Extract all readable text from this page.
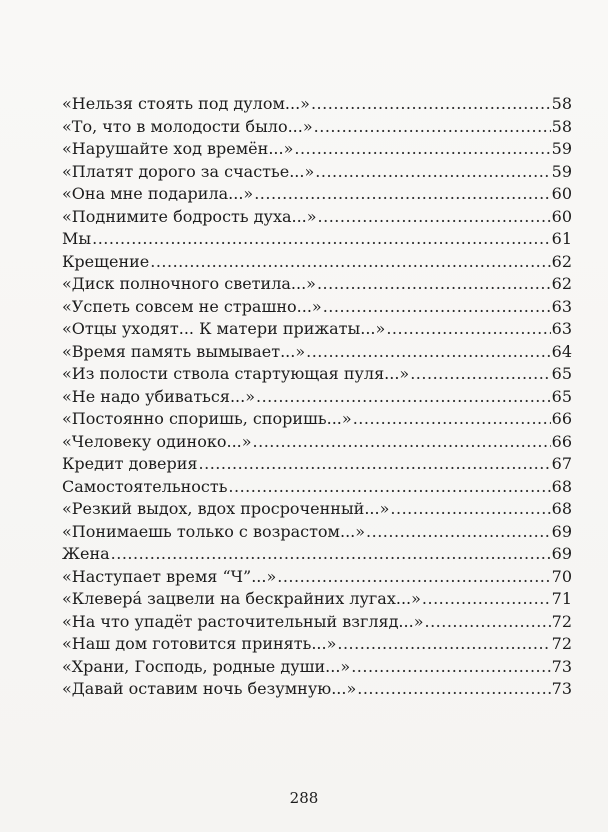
«Нельзя стоять под дулом...» .....	58
«То, что в молодости было...» .....	58
«Нарушайте ход времён...» .....	59
«Платят дорого за счастье...» .....	59
«Она мне подарила...» .....	60
«Поднимите бодрость духа...» .....	60
Мы .....	61
Крещение .....	62
«Диск полночного светила...» .....	62
«Успеть совсем не страшно...» .....	63
«Отцы уходят... К матери прижаты...» .....	63
«Время память вымывает...» .....	64
«Из полости ствола стартующая пуля...» .....	65
«Не надо убиваться...» .....	65
«Постоянно споришь, споришь...» .....	66
«Человеку одиноко...» .....	66
Кредит доверия .....	67
Самостоятельность .....	68
«Резкий выдох, вдох просроченный...» .....	68
«Понимаешь только с возрастом...» .....	69
Жена .....	69
«Наступает время “Ч”...» .....	70
«Клеверá зацвели на бескрайних лугах...» .....	71
«На что упадёт расточительный взгляд...» .....	72
«Наш дом готовится принять...» .....	72
«Храни, Господь, родные души...» .....	73
«Давай оставим ночь безумную...» .....	73
288
